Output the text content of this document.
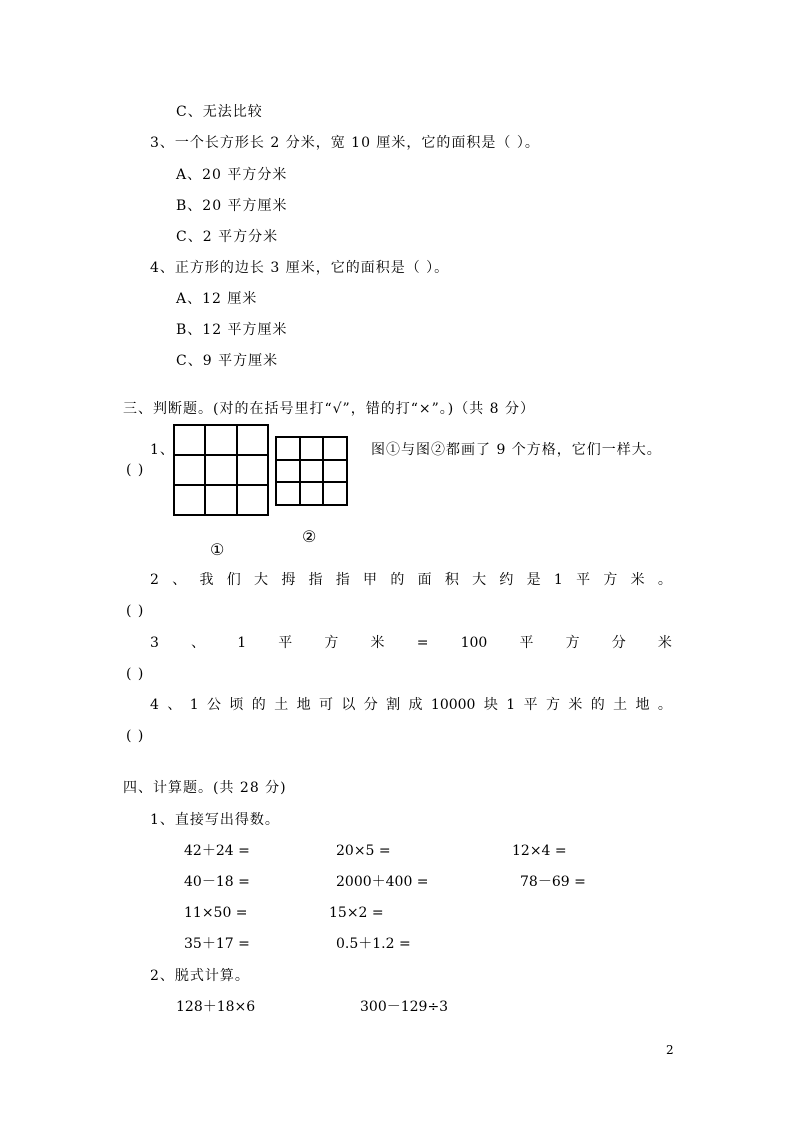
C、无法比较
3、一个长方形长 2 分米，宽 10 厘米，它的面积是（ ）。
A、20 平方分米
B、20 平方厘米
C、2 平方分米
4、正方形的边长 3 厘米，它的面积是（ ）。
A、12 厘米
B、12 平方厘米
C、9 平方厘米
三、判断题。(对的在括号里打“√”，错的打“×”。)（共 8 分）
1、	图①与图②都画了 9 个方格，它们一样大。
( )
①
②
2 、 我 们 大 拇 指 指 甲 的 面 积 大 约 是 1 平 方 米 。
( )
3 、 1 平 方 米 = 100 平 方 分 米
( )
4 、 1 公 顷 的 土 地 可 以 分 割 成 10000 块 1 平 方 米 的 土 地 。
( )
四、计算题。(共 28 分)
1、直接写出得数。
42＋24 =	20×5 =	12×4 =
40－18 =	2000＋400 =	78－69 =
11×50 =	15×2 =
35＋17 =	0.5＋1.2 =
2、脱式计算。
128＋18×6	300－129÷3
2
